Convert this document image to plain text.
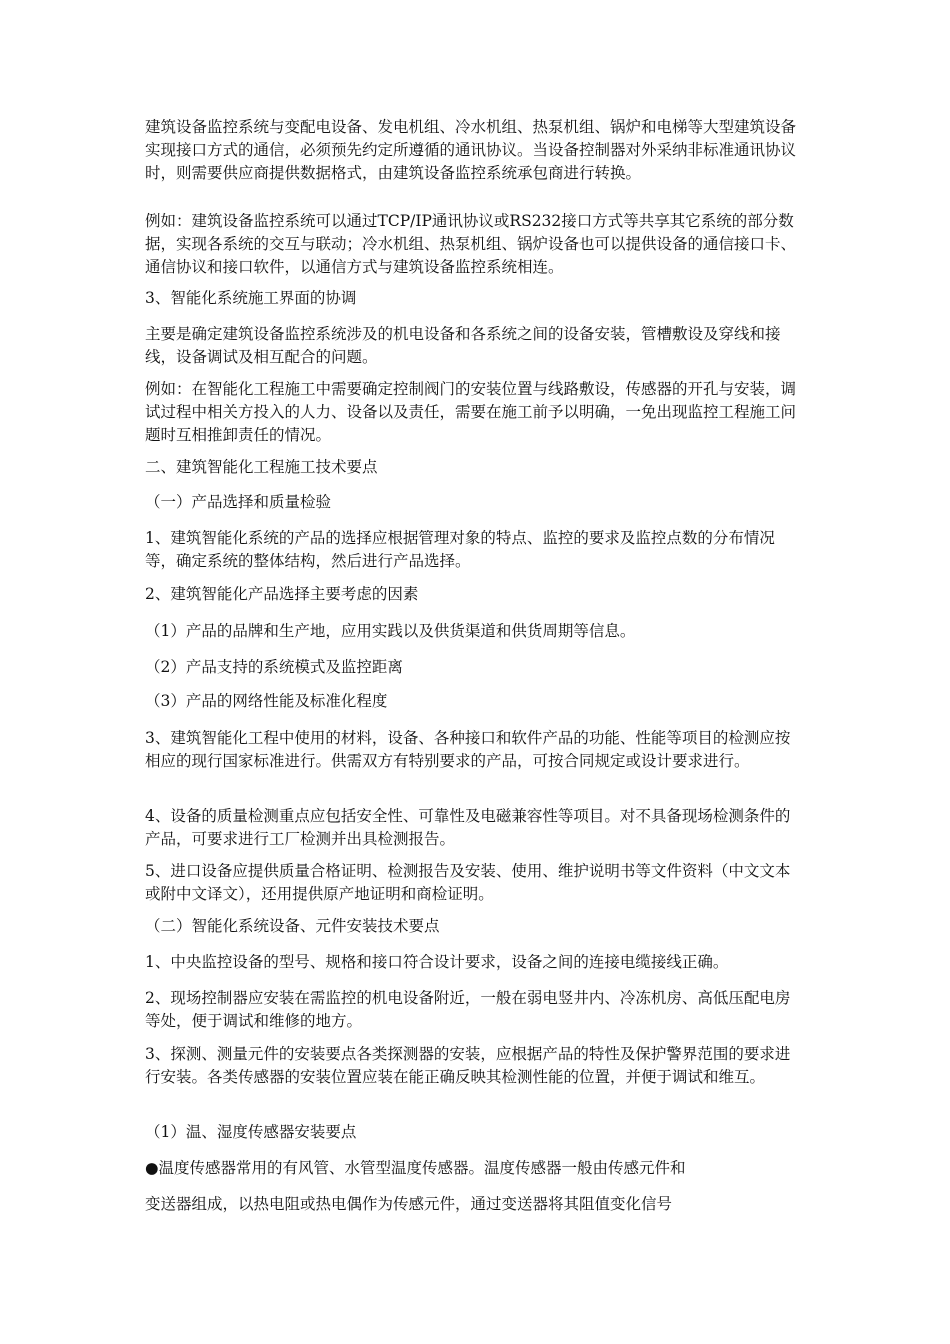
建筑设备监控系统与变配电设备、发电机组、冷水机组、热泵机组、锅炉和电梯等大型建筑设备实现接口方式的通信，必须预先约定所遵循的通讯协议。当设备控制器对外采纳非标准通讯协议时，则需要供应商提供数据格式，由建筑设备监控系统承包商进行转换。

例如：建筑设备监控系统可以通过TCP/IP通讯协议或RS232接口方式等共享其它系统的部分数据，实现各系统的交互与联动；冷水机组、热泵机组、锅炉设备也可以提供设备的通信接口卡、通信协议和接口软件，以通信方式与建筑设备监控系统相连。

3、智能化系统施工界面的协调

主要是确定建筑设备监控系统涉及的机电设备和各系统之间的设备安装，管槽敷设及穿线和接线，设备调试及相互配合的问题。

例如：在智能化工程施工中需要确定控制阀门的安装位置与线路敷设，传感器的开孔与安装，调试过程中相关方投入的人力、设备以及责任，需要在施工前予以明确，一免出现监控工程施工问题时互相推卸责任的情况。

二、建筑智能化工程施工技术要点

（一）产品选择和质量检验

1、建筑智能化系统的产品的选择应根据管理对象的特点、监控的要求及监控点数的分布情况等，确定系统的整体结构，然后进行产品选择。

2、建筑智能化产品选择主要考虑的因素

（1）产品的品牌和生产地，应用实践以及供货渠道和供货周期等信息。

（2）产品支持的系统模式及监控距离

（3）产品的网络性能及标准化程度

3、建筑智能化工程中使用的材料，设备、各种接口和软件产品的功能、性能等项目的检测应按相应的现行国家标准进行。供需双方有特别要求的产品，可按合同规定或设计要求进行。

4、设备的质量检测重点应包括安全性、可靠性及电磁兼容性等项目。对不具备现场检测条件的产品，可要求进行工厂检测并出具检测报告。

5、进口设备应提供质量合格证明、检测报告及安装、使用、维护说明书等文件资料（中文文本或附中文译文），还用提供原产地证明和商检证明。

（二）智能化系统设备、元件安装技术要点

1、中央监控设备的型号、规格和接口符合设计要求，设备之间的连接电缆接线正确。

2、现场控制器应安装在需监控的机电设备附近，一般在弱电竖井内、冷冻机房、高低压配电房等处，便于调试和维修的地方。

3、探测、测量元件的安装要点各类探测器的安装，应根据产品的特性及保护警界范围的要求进行安装。各类传感器的安装位置应装在能正确反映其检测性能的位置，并便于调试和维互。

（1）温、湿度传感器安装要点

●温度传感器常用的有风管、水管型温度传感器。温度传感器一般由传感元件和

变送器组成，以热电阻或热电偶作为传感元件，通过变送器将其阻值变化信号
